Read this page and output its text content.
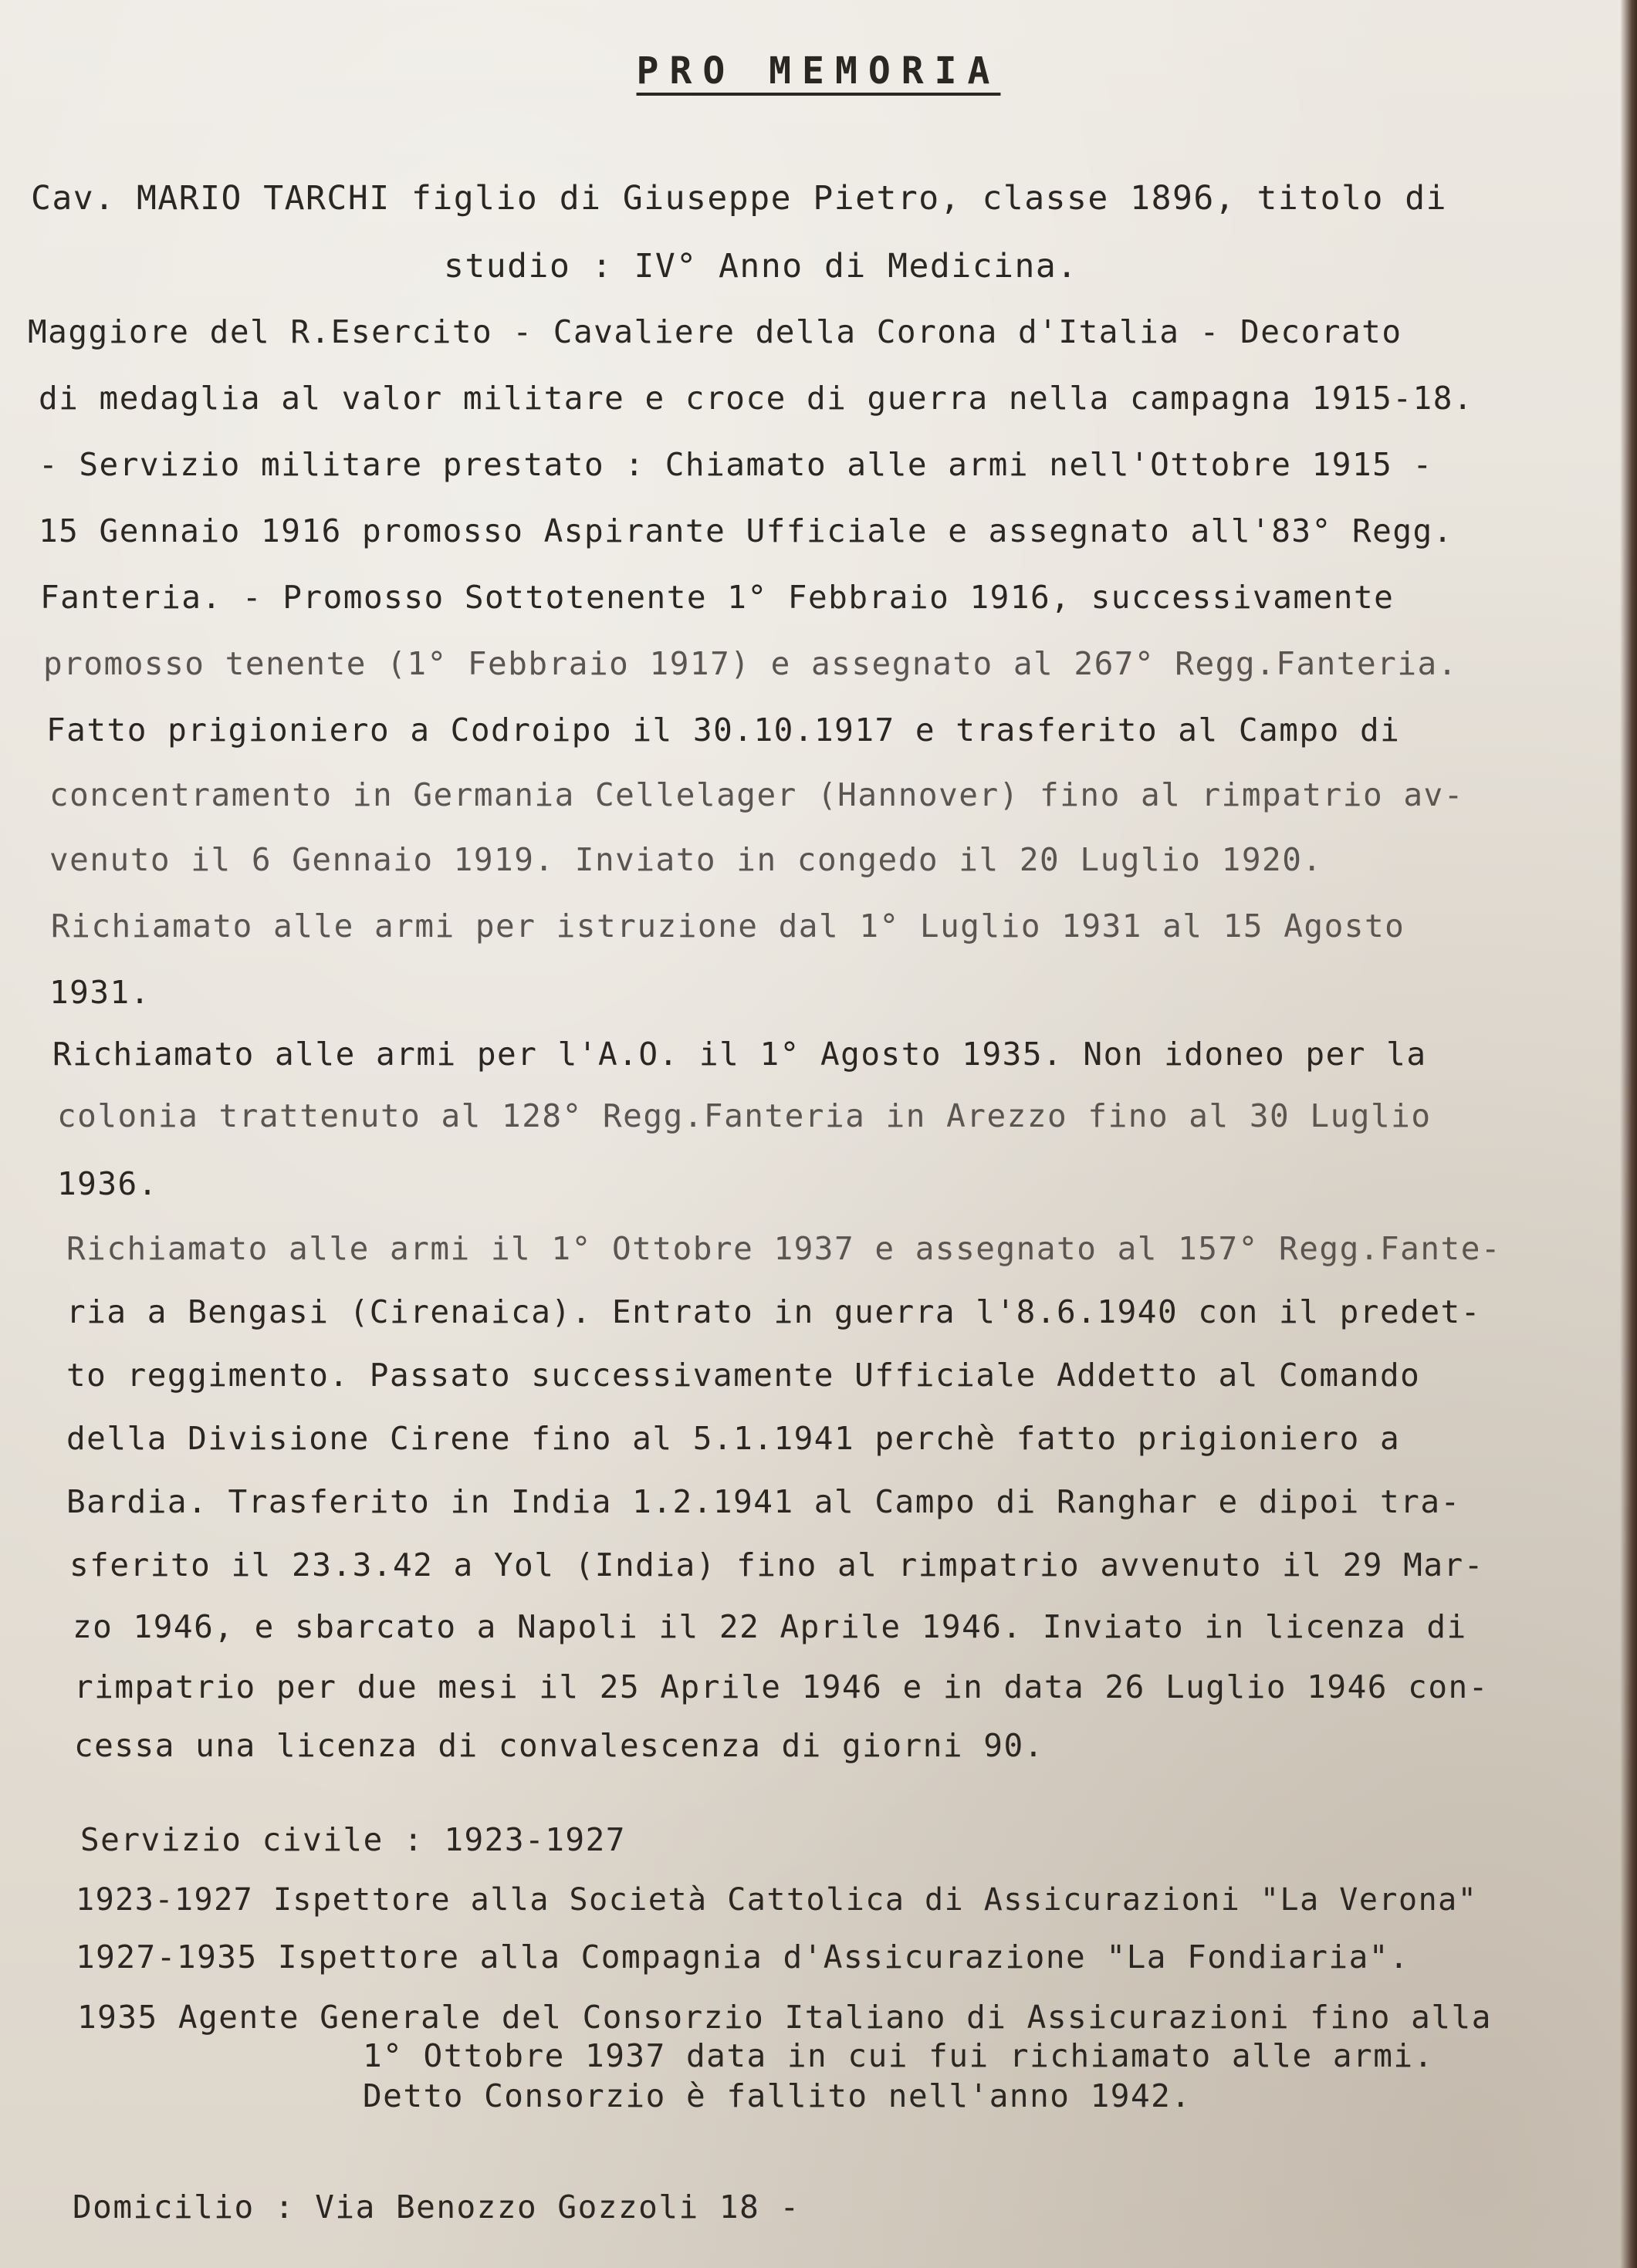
PRO MEMORIA
Cav. MARIO TARCHI figlio di Giuseppe Pietro, classe 1896, titolo di
studio : IV° Anno di Medicina.
Maggiore del R.Esercito - Cavaliere della Corona d'Italia - Decorato
di medaglia al valor militare e croce di guerra nella campagna 1915-18.
- Servizio militare prestato : Chiamato alle armi nell'Ottobre 1915 -
15 Gennaio 1916 promosso Aspirante Ufficiale e assegnato all'83° Regg.
Fanteria. - Promosso Sottotenente 1° Febbraio 1916, successivamente
promosso tenente (1° Febbraio 1917) e assegnato al 267° Regg.Fanteria.
Fatto prigioniero a Codroipo il 30.10.1917 e trasferito al Campo di
concentramento in Germania Cellelager (Hannover) fino al rimpatrio av-
venuto il 6 Gennaio 1919. Inviato in congedo il 20 Luglio 1920.
Richiamato alle armi per istruzione dal 1° Luglio 1931 al 15 Agosto
1931.
Richiamato alle armi per l'A.O. il 1° Agosto 1935. Non idoneo per la
colonia trattenuto al 128° Regg.Fanteria in Arezzo fino al 30 Luglio
1936.
Richiamato alle armi il 1° Ottobre 1937 e assegnato al 157° Regg.Fante-
ria a Bengasi (Cirenaica). Entrato in guerra l'8.6.1940 con il predet-
to reggimento. Passato successivamente Ufficiale Addetto al Comando
della Divisione Cirene fino al 5.1.1941 perchè fatto prigioniero a
Bardia. Trasferito in India 1.2.1941 al Campo di Ranghar e dipoi tra-
sferito il 23.3.42 a Yol (India) fino al rimpatrio avvenuto il 29 Mar-
zo 1946, e sbarcato a Napoli il 22 Aprile 1946. Inviato in licenza di
rimpatrio per due mesi il 25 Aprile 1946 e in data 26 Luglio 1946 con-
cessa una licenza di convalescenza di giorni 90.
Servizio civile : 1923-1927
1923-1927 Ispettore alla Società Cattolica di Assicurazioni "La Verona"
1927-1935 Ispettore alla Compagnia d'Assicurazione "La Fondiaria".
1935 Agente Generale del Consorzio Italiano di Assicurazioni fino alla
1° Ottobre 1937 data in cui fui richiamato alle armi.
Detto Consorzio è fallito nell'anno 1942.
Domicilio : Via Benozzo Gozzoli 18 -
